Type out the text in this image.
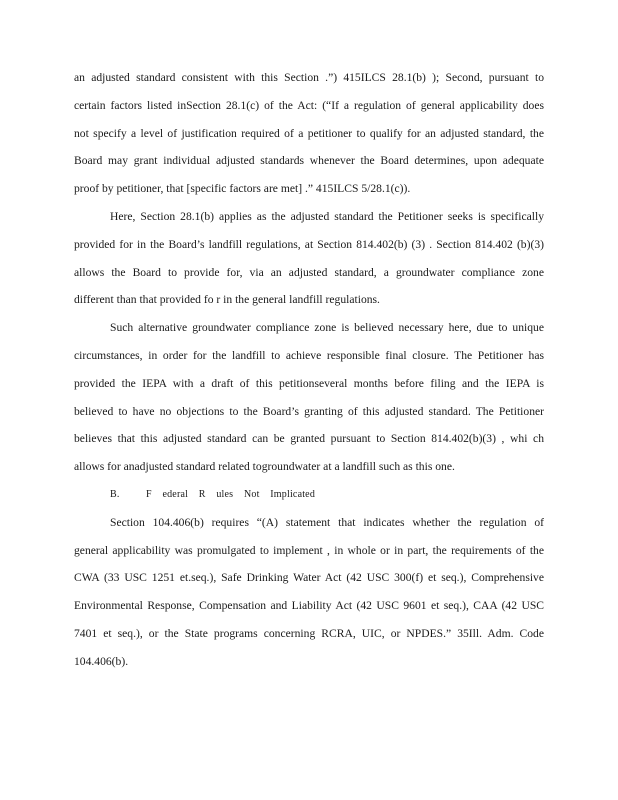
an adjusted standard consistent with this Section .”) 415ILCS 28.1(b) ); Second, pursuant to
certain factors listed inSection 28.1(c) of the Act: (“If a regulation of general applicability does
not specify a level of justification required of a petitioner to qualify for an adjusted standard, the
Board may grant individual adjusted standards whenever the Board determines, upon adequate
proof by petitioner, that [specific factors are met] .” 415ILCS 5/28.1(c)).
Here, Section 28.1(b) applies as the adjusted standard the Petitioner seeks is specifically
provided for in the Board’s landfill regulations, at Section 814.402(b) (3) . Section 814.402 (b)(3)
allows the Board to provide for, via an adjusted standard, a groundwater compliance zone
different than that provided fo r in the general landfill regulations.
Such alternative groundwater compliance zone is believed necessary here, due to unique
circumstances, in order for the landfill to achieve responsible final closure. The Petitioner has
provided the IEPA with a draft of this petitionseveral months before filing and the IEPA is
believed to have no objections to the Board’s granting of this adjusted standard. The Petitioner
believes that this adjusted standard can be granted pursuant to Section 814.402(b)(3) , whi ch
allows for anadjusted standard related togroundwater at a landfill such as this one.
B.	F ederal R ules Not Implicated
Section 104.406(b) requires “(A) statement that indicates whether the regulation of
general applicability was promulgated to implement , in whole or in part, the requirements of the
CWA (33 USC 1251 et.seq.), Safe Drinking Water Act (42 USC 300(f) et seq.), Comprehensive
Environmental Response, Compensation and Liability Act (42 USC 9601 et seq.), CAA (42 USC
7401 et seq.), or the State programs concerning RCRA, UIC, or NPDES.” 35Ill. Adm. Code
104.406(b).
